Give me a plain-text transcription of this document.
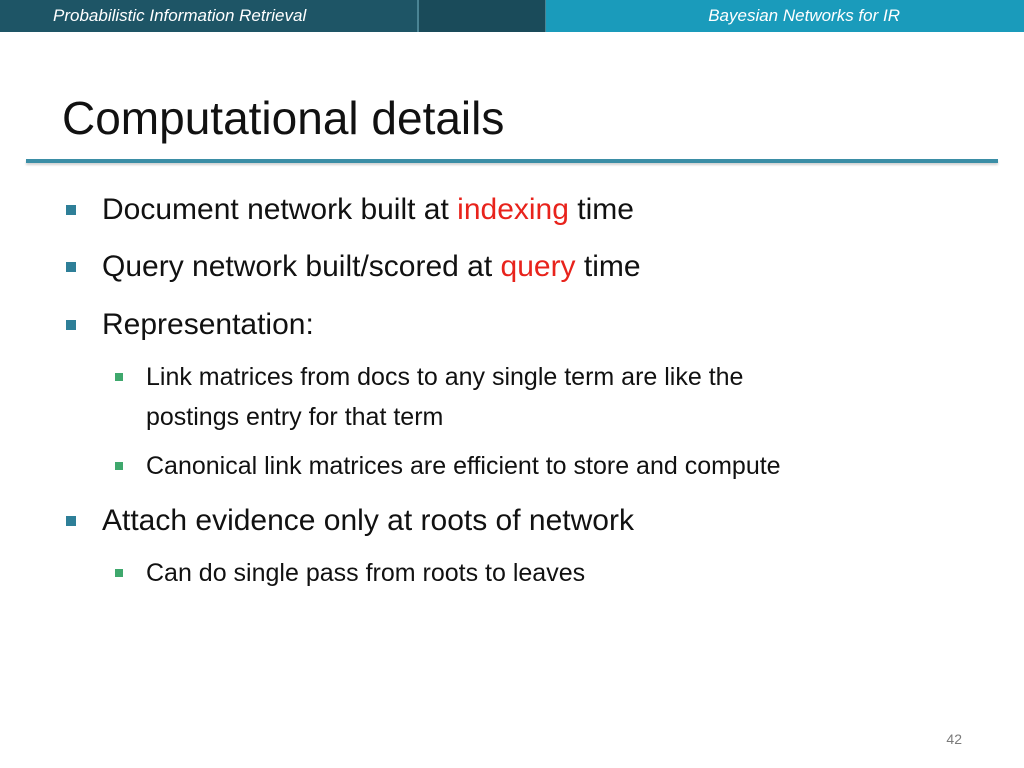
Probabilistic Information Retrieval	Bayesian Networks for IR
Computational details
Document network built at indexing time
Query network built/scored at query time
Representation:
Link matrices from docs to any single term are like the
postings entry for that term
Canonical link matrices are efficient to store and compute
Attach evidence only at roots of network
Can do single pass from roots to leaves
42
